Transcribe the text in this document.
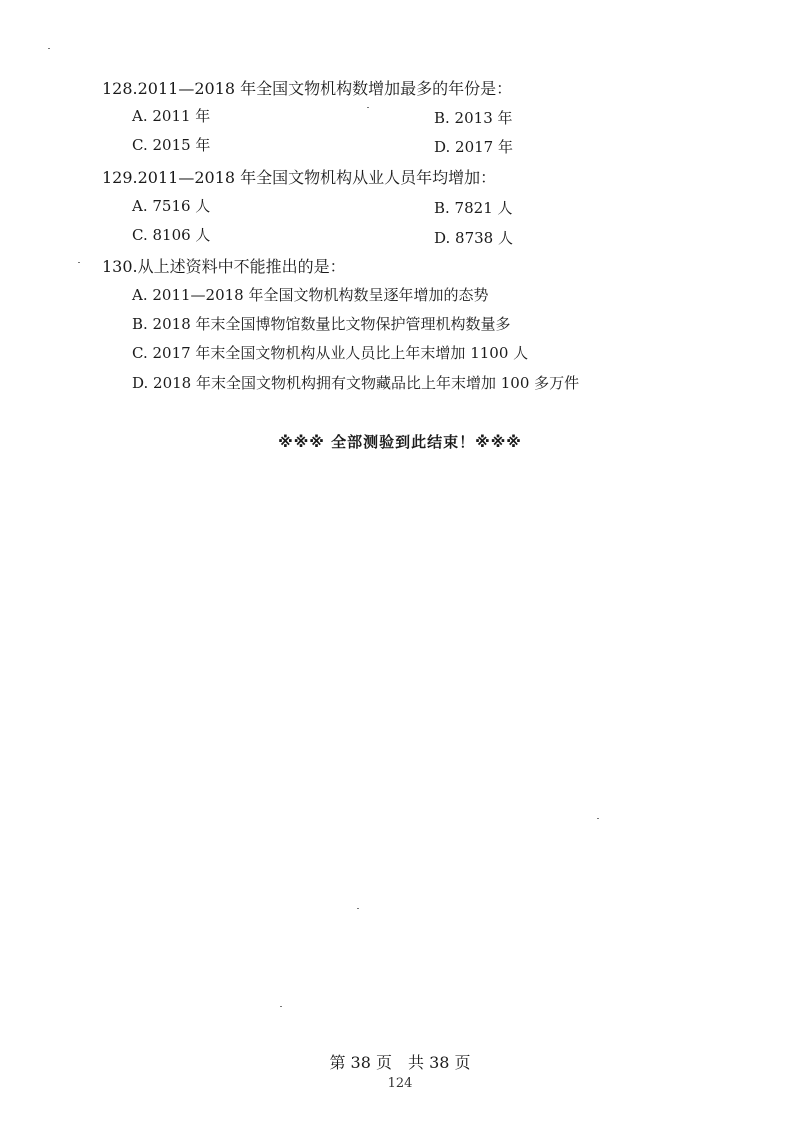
128.2011—2018 年全国文物机构数增加最多的年份是：
A. 2011 年	B. 2013 年
C. 2015 年	D. 2017 年
129.2011—2018 年全国文物机构从业人员年均增加：
A. 7516 人	B. 7821 人
C. 8106 人	D. 8738 人
130.从上述资料中不能推出的是：
A. 2011—2018 年全国文物机构数呈逐年增加的态势
B. 2018 年末全国博物馆数量比文物保护管理机构数量多
C. 2017 年末全国文物机构从业人员比上年末增加 1100 人
D. 2018 年末全国文物机构拥有文物藏品比上年末增加 100 多万件
※※※ 全部测验到此结束！※※※
第 38 页　共 38 页
124
